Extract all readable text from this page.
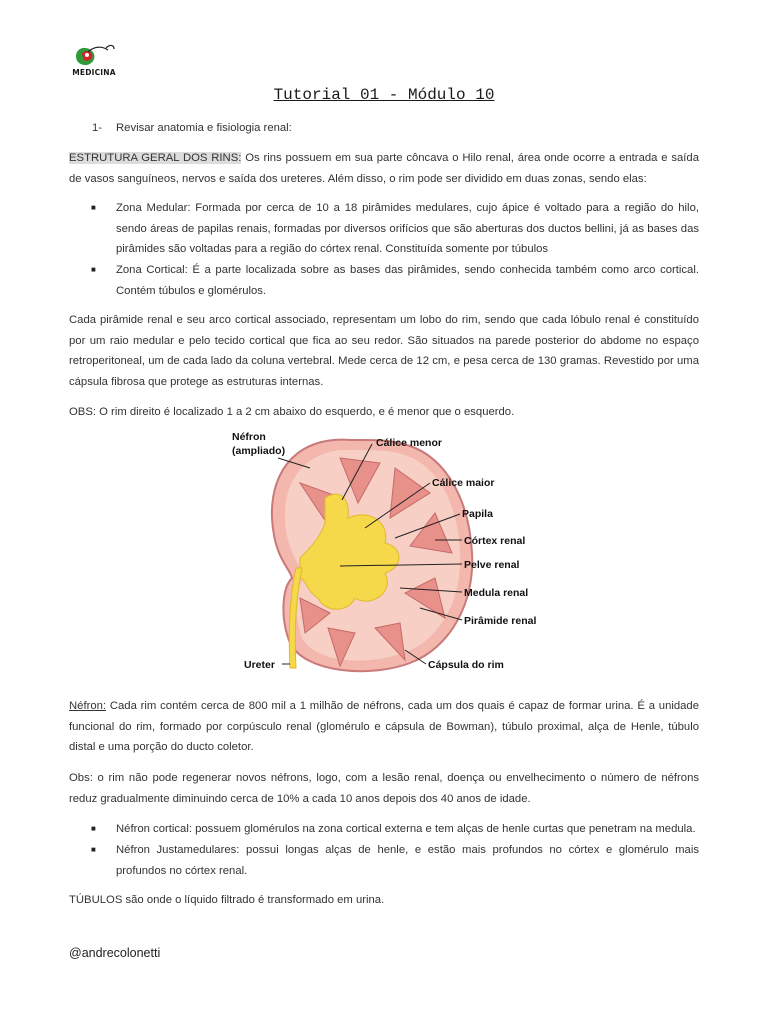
MEDICINA
Tutorial 01 - Módulo 10
1- Revisar anatomia e fisiologia renal:
ESTRUTURA GERAL DOS RINS: Os rins possuem em sua parte côncava o Hilo renal, área onde ocorre a entrada e saída de vasos sanguíneos, nervos e saída dos ureteres. Além disso, o rim pode ser dividido em duas zonas, sendo elas:
■ Zona Medular: Formada por cerca de 10 a 18 pirâmides medulares, cujo ápice é voltado para a região do hilo, sendo áreas de papilas renais, formadas por diversos orifícios que são aberturas dos ductos bellini, já as bases das pirâmides são voltadas para a região do córtex renal. Constituída somente por túbulos
■ Zona Cortical: É a parte localizada sobre as bases das pirâmides, sendo conhecida também como arco cortical. Contém túbulos e glomérulos.
Cada pirâmide renal e seu arco cortical associado, representam um lobo do rim, sendo que cada lóbulo renal é constituído por um raio medular e pelo tecido cortical que fica ao seu redor. São situados na parede posterior do abdome no espaço retroperitoneal, um de cada lado da coluna vertebral. Mede cerca de 12 cm, e pesa cerca de 130 gramas. Revestido por uma cápsula fibrosa que protege as estruturas internas.
OBS: O rim direito é localizado 1 a 2 cm abaixo do esquerdo, e é menor que o esquerdo.
Néfron
(ampliado)
Cálice menor
Cálice maior
Papila
Córtex renal
Pelve renal
Medula renal
Pirâmide renal
Ureter	Cápsula do rim
Néfron: Cada rim contém cerca de 800 mil a 1 milhão de néfrons, cada um dos quais é capaz de formar urina. É a unidade funcional do rim, formado por corpúsculo renal (glomérulo e cápsula de Bowman), túbulo proximal, alça de Henle, túbulo distal e uma porção do ducto coletor.
Obs: o rim não pode regenerar novos néfrons, logo, com a lesão renal, doença ou envelhecimento o número de néfrons reduz gradualmente diminuindo cerca de 10% a cada 10 anos depois dos 40 anos de idade.
■ Néfron cortical: possuem glomérulos na zona cortical externa e tem alças de henle curtas que penetram na medula.
■ Néfron Justamedulares: possui longas alças de henle, e estão mais profundos no córtex e glomérulo mais profundos no córtex renal.
TÚBULOS são onde o líquido filtrado é transformado em urina.
@andrecolonetti
